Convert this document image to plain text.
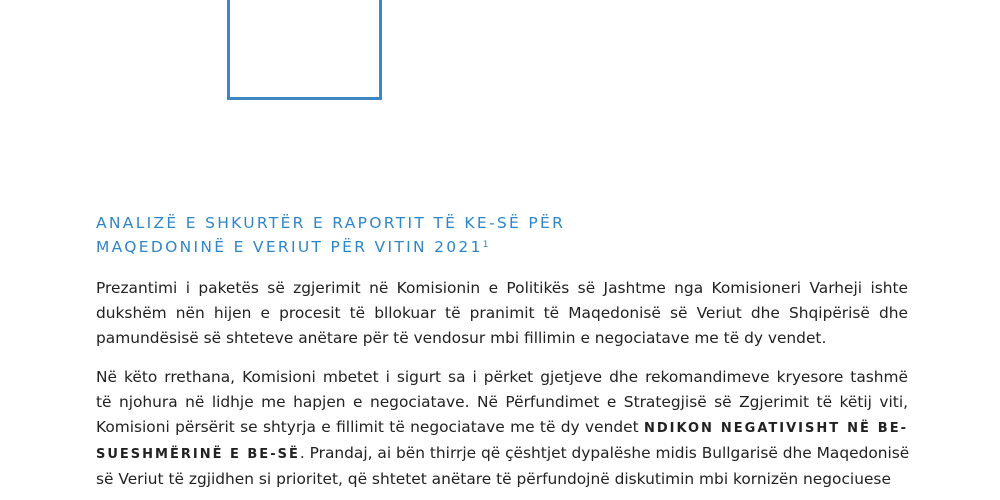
ANALIZË E SHKURTËR E RAPORTIT TË KE-SË PËR
MAQEDONINË E VERIUT PËR VITIN 2021$^1$

Prezantimi i paketës së zgjerimit në Komisionin e Politikës së Jashtme nga Komisioneri Varheji ishte
dukshëm nën hijen e procesit të bllokuar të pranimit të Maqedonisë së Veriut dhe Shqipërisë dhe
pamundësisë së shteteve anëtare për të vendosur mbi fillimin e negociatave me të dy vendet.

Në këto rrethana, Komisioni mbetet i sigurt sa i përket gjetjeve dhe rekomandimeve kryesore tashmë
të njohura në lidhje me hapjen e negociatave. Në Përfundimet e Strategjisë së Zgjerimit të këtij viti,
Komisioni përsërit se shtyrja e fillimit të negociatave me të dy vendet NDIKON NEGATIVISHT NË BE-
SUESHMËRINË E BE-SË. Prandaj, ai bën thirrje që çështjet dypalëshe midis Bullgarisë dhe Maqedonisë
së Veriut të zgjidhen si prioritet, që shtetet anëtare të përfundojnë diskutimin mbi kornizën negociuese
